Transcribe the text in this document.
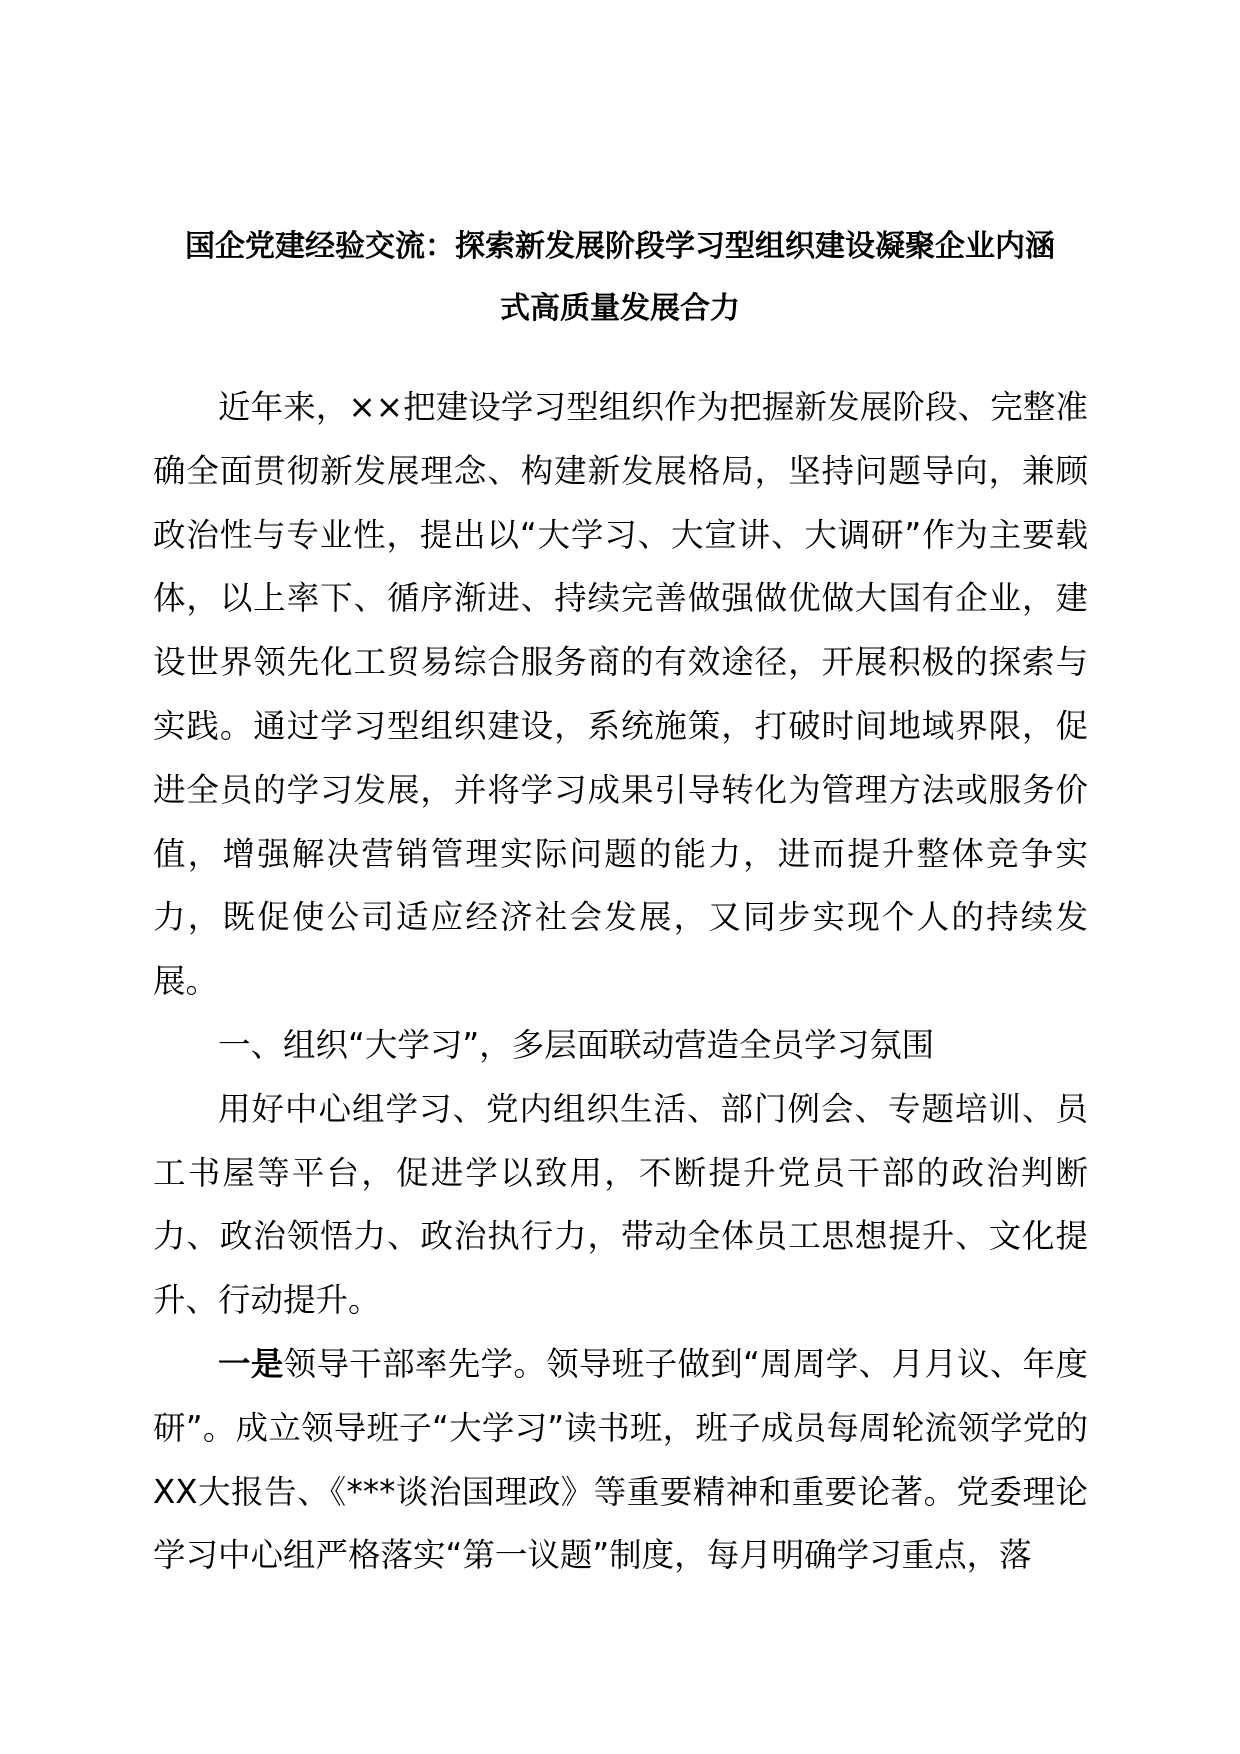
国企党建经验交流：探索新发展阶段学习型组织建设凝聚企业内涵
式高质量发展合力

近年来，××把建设学习型组织作为把握新发展阶段、完整准确全面贯彻新发展理念、构建新发展格局，坚持问题导向，兼顾政治性与专业性，提出以“大学习、大宣讲、大调研”作为主要载体，以上率下、循序渐进、持续完善做强做优做大国有企业，建设世界领先化工贸易综合服务商的有效途径，开展积极的探索与实践。通过学习型组织建设，系统施策，打破时间地域界限，促进全员的学习发展，并将学习成果引导转化为管理方法或服务价值，增强解决营销管理实际问题的能力，进而提升整体竞争实力，既促使公司适应经济社会发展，又同步实现个人的持续发展。

一、组织“大学习”，多层面联动营造全员学习氛围

用好中心组学习、党内组织生活、部门例会、专题培训、员工书屋等平台，促进学以致用，不断提升党员干部的政治判断力、政治领悟力、政治执行力，带动全体员工思想提升、文化提升、行动提升。

一是领导干部率先学。领导班子做到“周周学、月月议、年度研”。成立领导班子“大学习”读书班，班子成员每周轮流领学党的XX大报告、《***谈治国理政》等重要精神和重要论著。党委理论学习中心组严格落实“第一议题”制度，每月明确学习重点，落
